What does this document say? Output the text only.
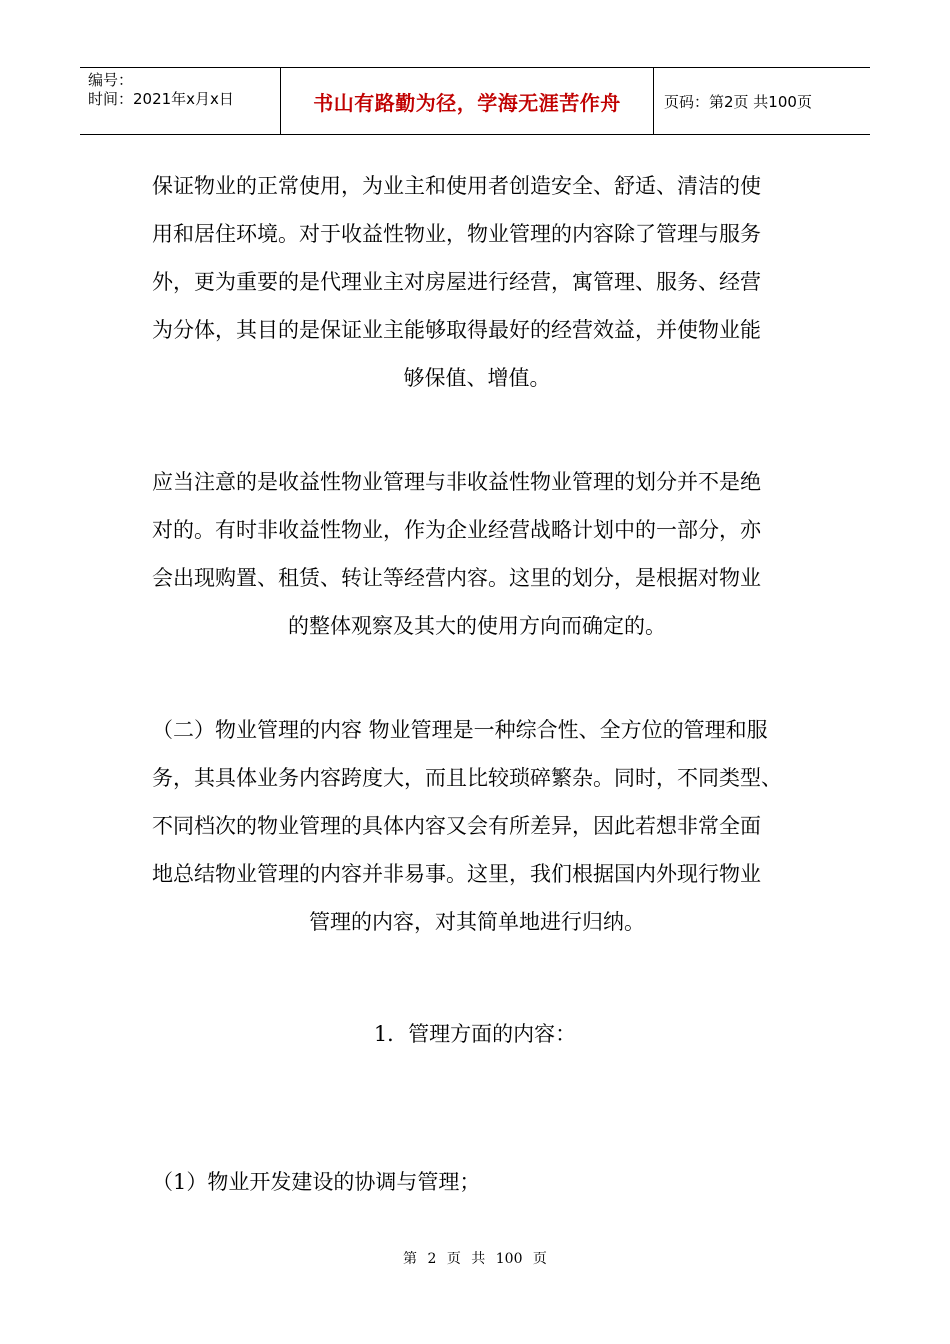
编号：
时间：2021年x月x日	书山有路勤为径，学海无涯苦作舟	页码：第2页 共100页

保证物业的正常使用，为业主和使用者创造安全、舒适、清洁的使

用和居住环境。对于收益性物业，物业管理的内容除了管理与服务

外，更为重要的是代理业主对房屋进行经营，寓管理、服务、经营

为分体，其目的是保证业主能够取得最好的经营效益，并使物业能

够保值、增值。

应当注意的是收益性物业管理与非收益性物业管理的划分并不是绝

对的。有时非收益性物业，作为企业经营战略计划中的一部分，亦

会出现购置、租赁、转让等经营内容。这里的划分，是根据对物业

的整体观察及其大的使用方向而确定的。

（二）物业管理的内容 物业管理是一种综合性、全方位的管理和服

务，其具体业务内容跨度大，而且比较琐碎繁杂。同时，不同类型、

不同档次的物业管理的具体内容又会有所差异，因此若想非常全面

地总结物业管理的内容并非易事。这里，我们根据国内外现行物业

管理的内容，对其简单地进行归纳。

1．管理方面的内容：
（1）物业开发建设的协调与管理；
第 2 页 共 100 页
